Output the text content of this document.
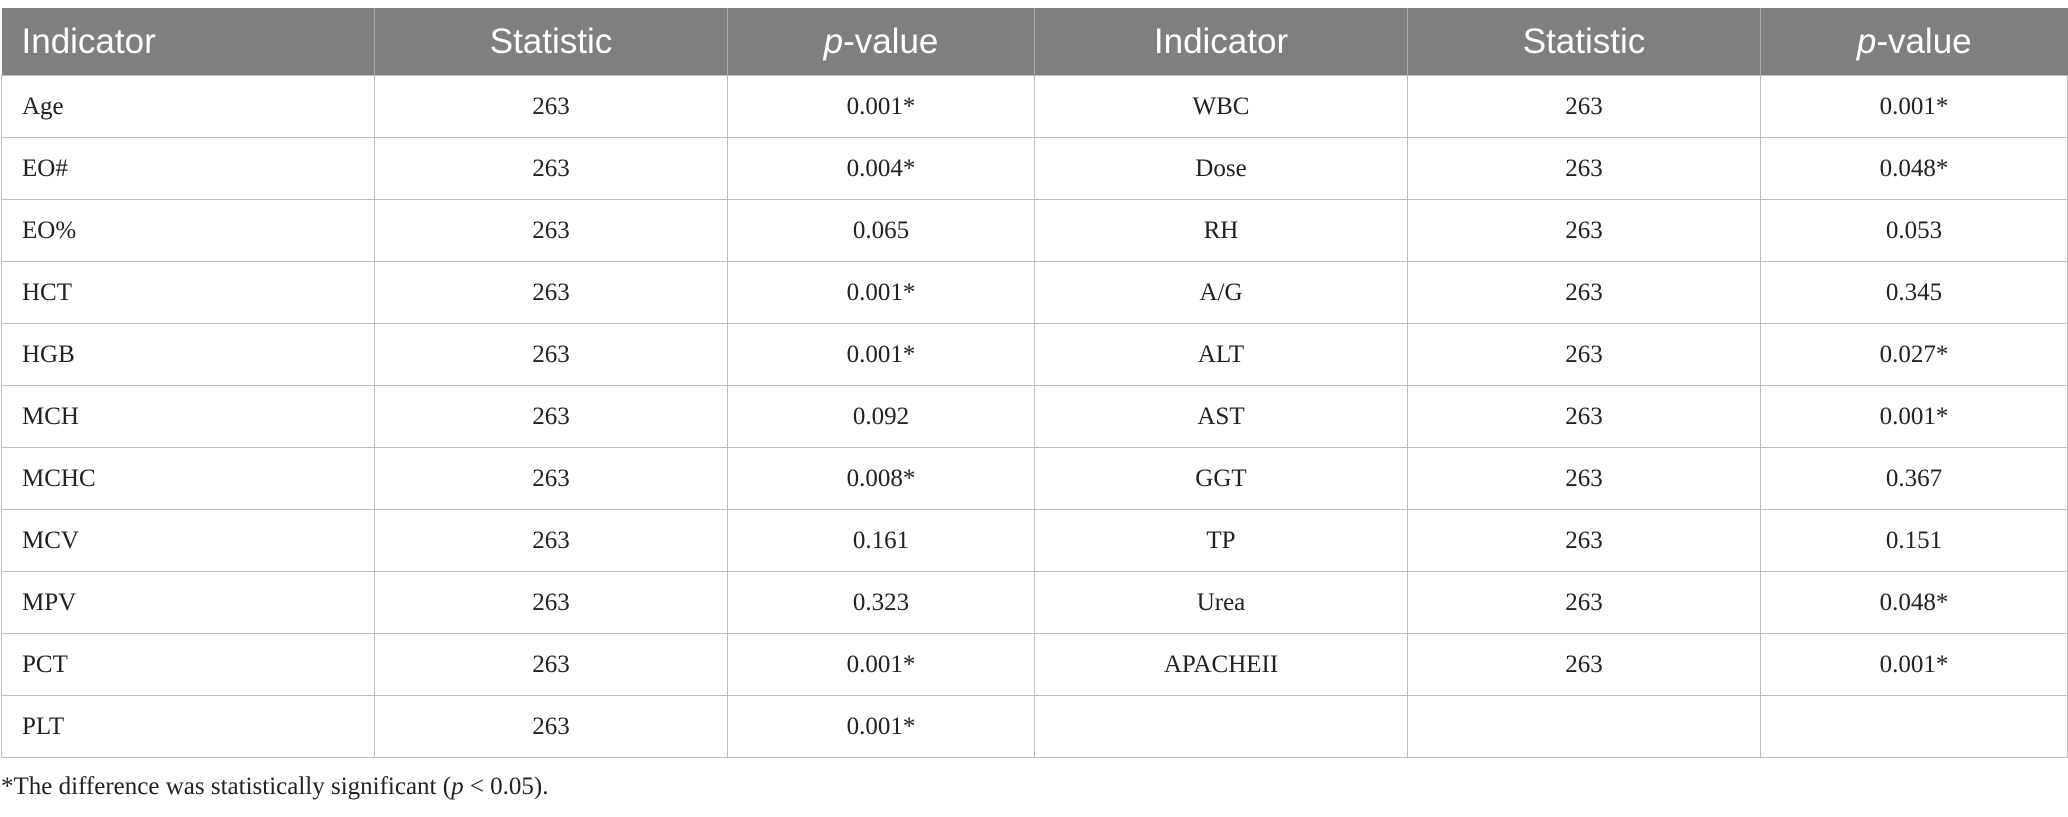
Indicator	Statistic	p-value	Indicator	Statistic	p-value
Age	263	0.001*	WBC	263	0.001*
EO#	263	0.004*	Dose	263	0.048*
EO%	263	0.065	RH	263	0.053
HCT	263	0.001*	A/G	263	0.345
HGB	263	0.001*	ALT	263	0.027*
MCH	263	0.092	AST	263	0.001*
MCHC	263	0.008*	GGT	263	0.367
MCV	263	0.161	TP	263	0.151
MPV	263	0.323	Urea	263	0.048*
PCT	263	0.001*	APACHEII	263	0.001*
PLT	263	0.001*			
*The difference was statistically significant (p < 0.05).
